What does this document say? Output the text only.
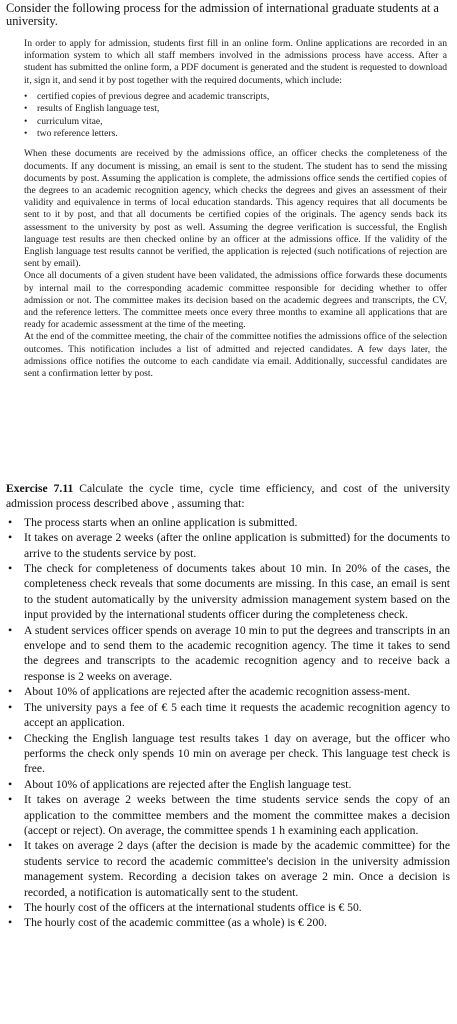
Consider the following process for the admission of international graduate students at a university.

In order to apply for admission, students first fill in an online form. Online applications are recorded in an information system to which all staff members involved in the admissions process have access. After a student has submitted the online form, a PDF document is generated and the student is requested to download it, sign it, and send it by post together with the required documents, which include:

• certified copies of previous degree and academic transcripts,
• results of English language test,
• curriculum vitae,
• two reference letters.

When these documents are received by the admissions office, an officer checks the completeness of the documents. If any document is missing, an email is sent to the student. The student has to send the missing documents by post. Assuming the application is complete, the admissions office sends the certified copies of the degrees to an academic recognition agency, which checks the degrees and gives an assessment of their validity and equivalence in terms of local education standards. This agency requires that all documents be sent to it by post, and that all documents be certified copies of the originals. The agency sends back its assessment to the university by post as well. Assuming the degree verification is successful, the English language test results are then checked online by an officer at the admissions office. If the validity of the English language test results cannot be verified, the application is rejected (such notifications of rejection are sent by email).

Once all documents of a given student have been validated, the admissions office forwards these documents by internal mail to the corresponding academic committee responsible for deciding whether to offer admission or not. The committee makes its decision based on the academic degrees and transcripts, the CV, and the reference letters. The committee meets once every three months to examine all applications that are ready for academic assessment at the time of the meeting.

At the end of the committee meeting, the chair of the committee notifies the admissions office of the selection outcomes. This notification includes a list of admitted and rejected candidates. A few days later, the admissions office notifies the outcome to each candidate via email. Additionally, successful candidates are sent a confirmation letter by post.

Exercise 7.11 Calculate the cycle time, cycle time efficiency, and cost of the university admission process described above , assuming that:

• The process starts when an online application is submitted.
• It takes on average 2 weeks (after the online application is submitted) for the documents to arrive to the students service by post.
• The check for completeness of documents takes about 10 min. In 20% of the cases, the completeness check reveals that some documents are missing. In this case, an email is sent to the student automatically by the university admission management system based on the input provided by the international students officer during the completeness check.
• A student services officer spends on average 10 min to put the degrees and transcripts in an envelope and to send them to the academic recognition agency. The time it takes to send the degrees and transcripts to the academic recognition agency and to receive back a response is 2 weeks on average.
• About 10% of applications are rejected after the academic recognition assess-ment.
• The university pays a fee of € 5 each time it requests the academic recognition agency to accept an application.
• Checking the English language test results takes 1 day on average, but the officer who performs the check only spends 10 min on average per check. This language test check is free.
• About 10% of applications are rejected after the English language test.
• It takes on average 2 weeks between the time students service sends the copy of an application to the committee members and the moment the committee makes a decision (accept or reject). On average, the committee spends 1 h examining each application.
• It takes on average 2 days (after the decision is made by the academic committee) for the students service to record the academic committee's decision in the university admission management system. Recording a decision takes on average 2 min. Once a decision is recorded, a notification is automatically sent to the student.
• The hourly cost of the officers at the international students office is € 50.
• The hourly cost of the academic committee (as a whole) is € 200.
